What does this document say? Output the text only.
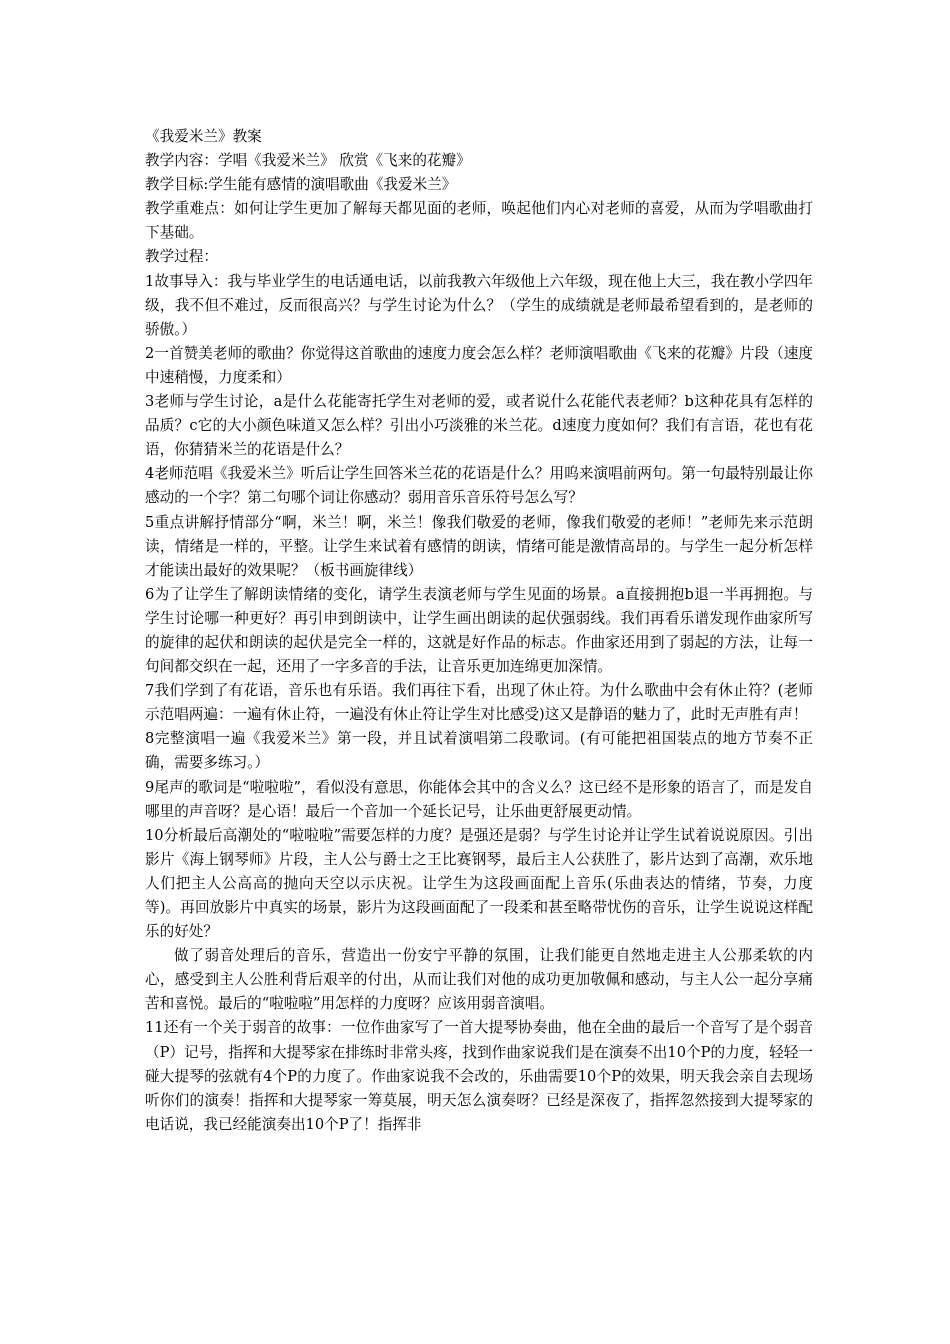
《我爱米兰》教案

教学内容：学唱《我爱米兰》 欣赏《飞来的花瓣》

教学目标:学生能有感情的演唱歌曲《我爱米兰》

教学重难点：如何让学生更加了解每天都见面的老师，唤起他们内心对老师的喜爱，从而为学唱歌曲打下基础。

教学过程：

1故事导入：我与毕业学生的电话通电话，以前我教六年级他上六年级，现在他上大三，我在教小学四年级，我不但不难过，反而很高兴？与学生讨论为什么？（学生的成绩就是老师最希望看到的，是老师的骄傲。）

2一首赞美老师的歌曲？你觉得这首歌曲的速度力度会怎么样？老师演唱歌曲《飞来的花瓣》片段（速度中速稍慢，力度柔和）

3老师与学生讨论，a是什么花能寄托学生对老师的爱，或者说什么花能代表老师？b这种花具有怎样的品质？c它的大小颜色味道又怎么样？引出小巧淡雅的米兰花。d速度力度如何？我们有言语，花也有花语，你猜猜米兰的花语是什么？

4老师范唱《我爱米兰》听后让学生回答米兰花的花语是什么？用呜来演唱前两句。第一句最特别最让你感动的一个字？第二句哪个词让你感动？弱用音乐音乐符号怎么写？

5重点讲解抒情部分“啊，米兰！啊，米兰！像我们敬爱的老师，像我们敬爱的老师！”老师先来示范朗读，情绪是一样的，平整。让学生来试着有感情的朗读，情绪可能是激情高昂的。与学生一起分析怎样才能读出最好的效果呢？（板书画旋律线）

6为了让学生了解朗读情绪的变化，请学生表演老师与学生见面的场景。a直接拥抱b退一半再拥抱。与学生讨论哪一种更好？再引申到朗读中，让学生画出朗读的起伏强弱线。我们再看乐谱发现作曲家所写的旋律的起伏和朗读的起伏是完全一样的，这就是好作品的标志。作曲家还用到了弱起的方法，让每一句间都交织在一起，还用了一字多音的手法，让音乐更加连绵更加深情。

7我们学到了有花语，音乐也有乐语。我们再往下看，出现了休止符。为什么歌曲中会有休止符？(老师示范唱两遍：一遍有休止符，一遍没有休止符让学生对比感受)这又是静语的魅力了，此时无声胜有声！

8完整演唱一遍《我爱米兰》第一段，并且试着演唱第二段歌词。(有可能把祖国装点的地方节奏不正确，需要多练习。）

9尾声的歌词是“啦啦啦”，看似没有意思，你能体会其中的含义么？这已经不是形象的语言了，而是发自哪里的声音呀？是心语！最后一个音加一个延长记号，让乐曲更舒展更动情。

10分析最后高潮处的“啦啦啦”需要怎样的力度？是强还是弱？与学生讨论并让学生试着说说原因。引出影片《海上钢琴师》片段，主人公与爵士之王比赛钢琴，最后主人公获胜了，影片达到了高潮，欢乐地人们把主人公高高的抛向天空以示庆祝。让学生为这段画面配上音乐(乐曲表达的情绪，节奏，力度等)。再回放影片中真实的场景，影片为这段画面配了一段柔和甚至略带忧伤的音乐，让学生说说这样配乐的好处？

做了弱音处理后的音乐，营造出一份安宁平静的氛围，让我们能更自然地走进主人公那柔软的内心，感受到主人公胜利背后艰辛的付出，从而让我们对他的成功更加敬佩和感动，与主人公一起分享痛苦和喜悦。最后的“啦啦啦”用怎样的力度呀？应该用弱音演唱。

11还有一个关于弱音的故事：一位作曲家写了一首大提琴协奏曲，他在全曲的最后一个音写了是个弱音（P）记号，指挥和大提琴家在排练时非常头疼，找到作曲家说我们是在演奏不出10个P的力度，轻轻一碰大提琴的弦就有4个P的力度了。作曲家说我不会改的，乐曲需要10个P的效果，明天我会亲自去现场听你们的演奏！指挥和大提琴家一筹莫展，明天怎么演奏呀？已经是深夜了，指挥忽然接到大提琴家的电话说，我已经能演奏出10个P了！指挥非
